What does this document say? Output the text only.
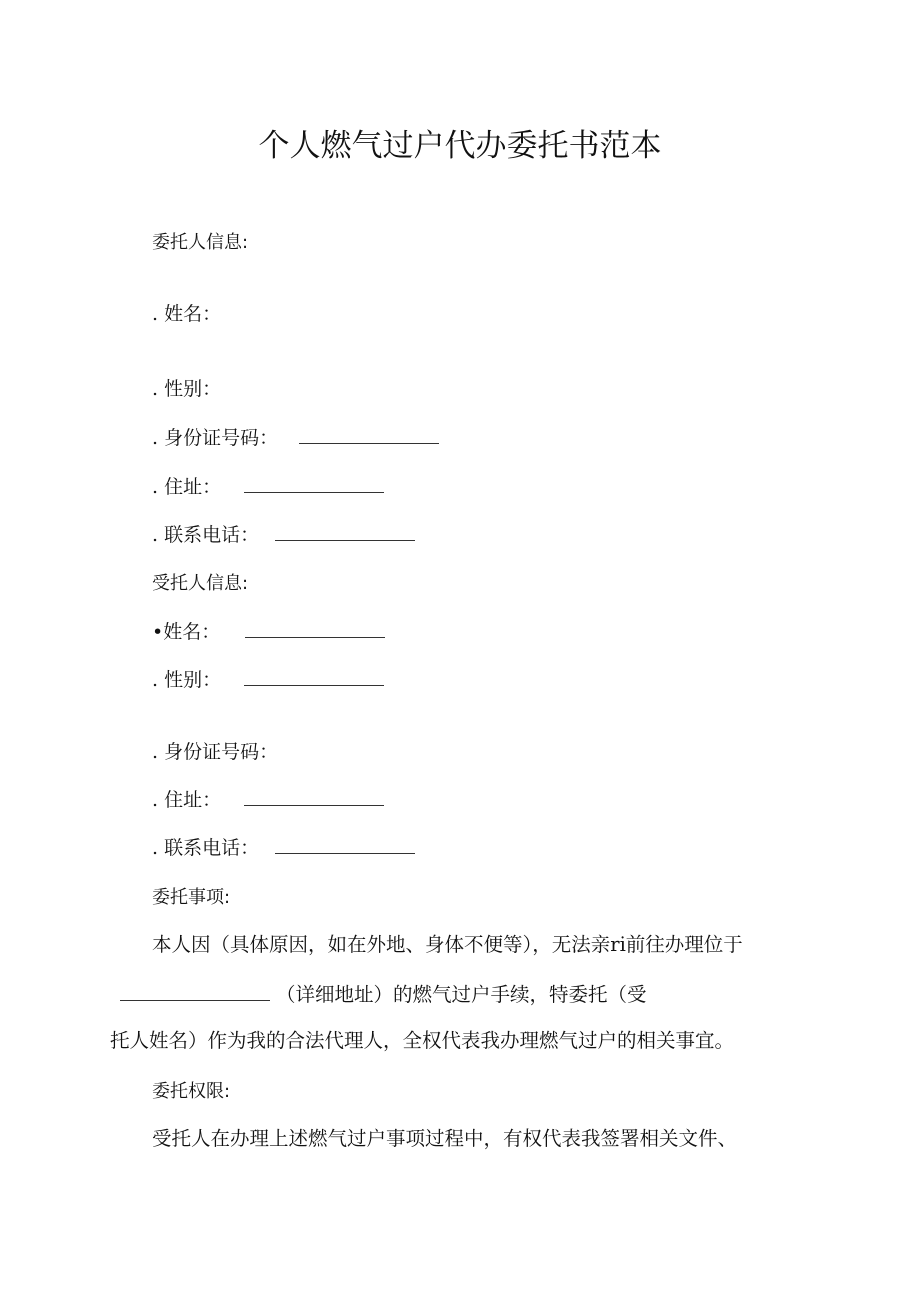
个人燃气过户代办委托书范本
委托人信息:
. 姓名：
. 性别：
. 身份证号码：
. 住址：
. 联系电话：
受托人信息:
•姓名：
. 性别：
. 身份证号码：
. 住址：
. 联系电话：
委托事项:
本人因（具体原因，如在外地、身体不便等），无法亲ri前往办理位于
（详细地址）的燃气过户手续，特委托（受
托人姓名）作为我的合法代理人，全权代表我办理燃气过户的相关事宜。
委托权限:
受托人在办理上述燃气过户事项过程中，有权代表我签署相关文件、
